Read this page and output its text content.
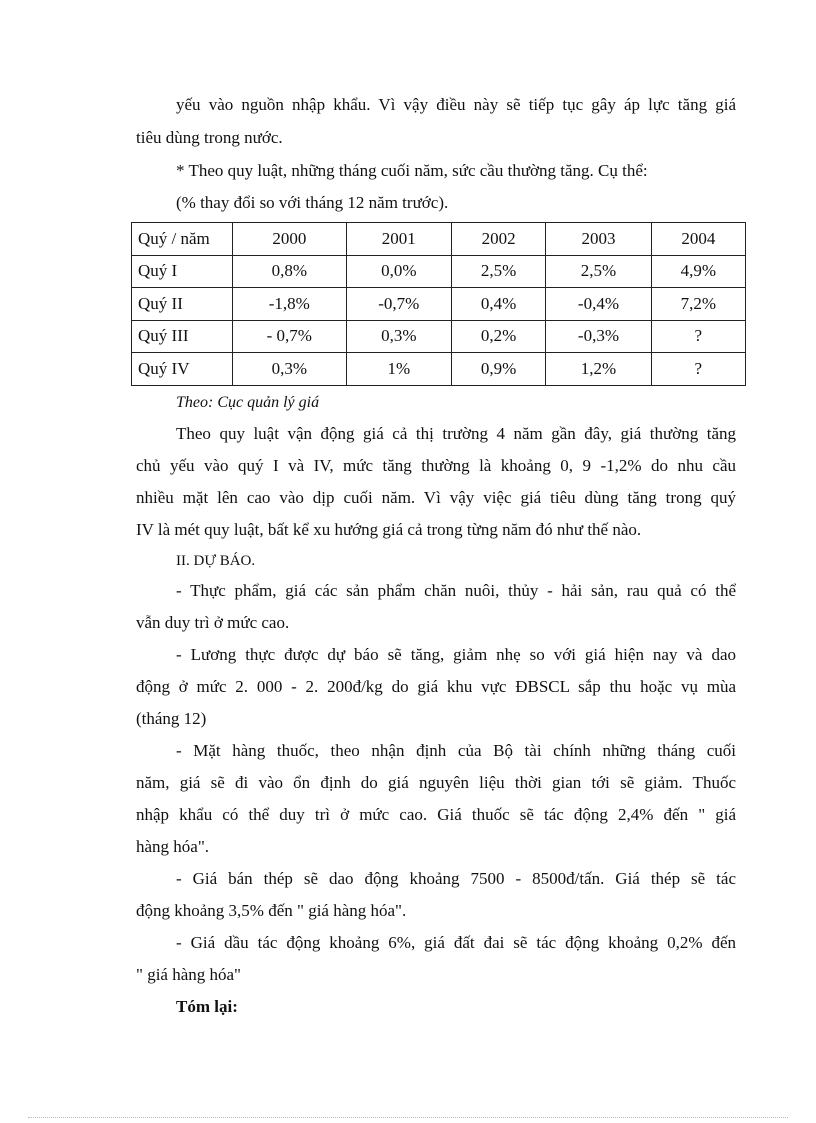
yếu vào nguồn nhập khẩu. Vì vậy điều này sẽ tiếp tục gây áp lực tăng giá
tiêu dùng trong nước.
* Theo quy luật, những tháng cuối năm, sức cầu thường tăng. Cụ thể:
(% thay đổi so với tháng 12 năm trước).
Quý / năm	2000	2001	2002	2003	2004
Quý I	0,8%	0,0%	2,5%	2,5%	4,9%
Quý II	-1,8%	-0,7%	0,4%	-0,4%	7,2%
Quý III	- 0,7%	0,3%	0,2%	-0,3%	?
Quý IV	0,3%	1%	0,9%	1,2%	?
Theo: Cục quản lý giá
Theo quy luật vận động giá cả thị trường 4 năm gần đây, giá thường tăng
chủ yếu vào quý I và IV, mức tăng thường là khoảng 0, 9 -1,2% do nhu cầu
nhiều mặt lên cao vào dịp cuối năm. Vì vậy việc giá tiêu dùng tăng trong quý
IV là mét quy luật, bất kể xu hướng giá cả trong từng năm đó như thế nào.
II. DỰ BÁO.
- Thực phẩm, giá các sản phẩm chăn nuôi, thủy - hải sản, rau quả có thể
vẫn duy trì ở mức cao.
- Lương thực được dự báo sẽ tăng, giảm nhẹ so với giá hiện nay và dao
động ở mức 2. 000 - 2. 200đ/kg do giá khu vực ĐBSCL sắp thu hoặc vụ mùa
(tháng 12)
- Mặt hàng thuốc, theo nhận định của Bộ tài chính những tháng cuối
năm, giá sẽ đi vào ổn định do giá nguyên liệu thời gian tới sẽ giảm. Thuốc
nhập khẩu có thể duy trì ở mức cao. Giá thuốc sẽ tác động 2,4% đến " giá
hàng hóa".
- Giá bán thép sẽ dao động khoảng 7500 - 8500đ/tấn. Giá thép sẽ tác
động khoảng 3,5% đến " giá hàng hóa".
- Giá dầu tác động khoảng 6%, giá đất đai sẽ tác động khoảng 0,2% đến
" giá hàng hóa"
Tóm lại:
